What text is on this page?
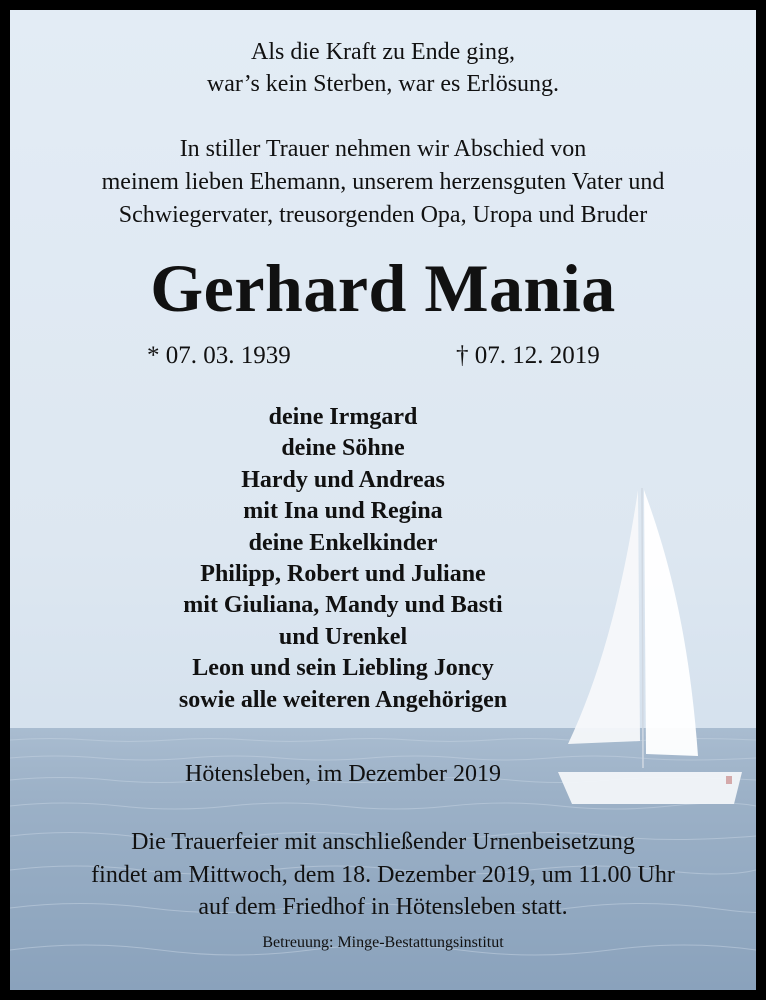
Als die Kraft zu Ende ging,
war’s kein Sterben, war es Erlösung.
In stiller Trauer nehmen wir Abschied von
meinem lieben Ehemann, unserem herzensguten Vater und
Schwiegervater, treusorgenden Opa, Uropa und Bruder
Gerhard Mania
* 07. 03. 1939	† 07. 12. 2019
deine Irmgard
deine Söhne
Hardy und Andreas
mit Ina und Regina
deine Enkelkinder
Philipp, Robert und Juliane
mit Giuliana, Mandy und Basti
und Urenkel
Leon und sein Liebling Joncy
sowie alle weiteren Angehörigen
Hötensleben, im Dezember 2019
Die Trauerfeier mit anschließender Urnenbeisetzung
findet am Mittwoch, dem 18. Dezember 2019, um 11.00 Uhr
auf dem Friedhof in Hötensleben statt.
Betreuung: Minge-Bestattungsinstitut
